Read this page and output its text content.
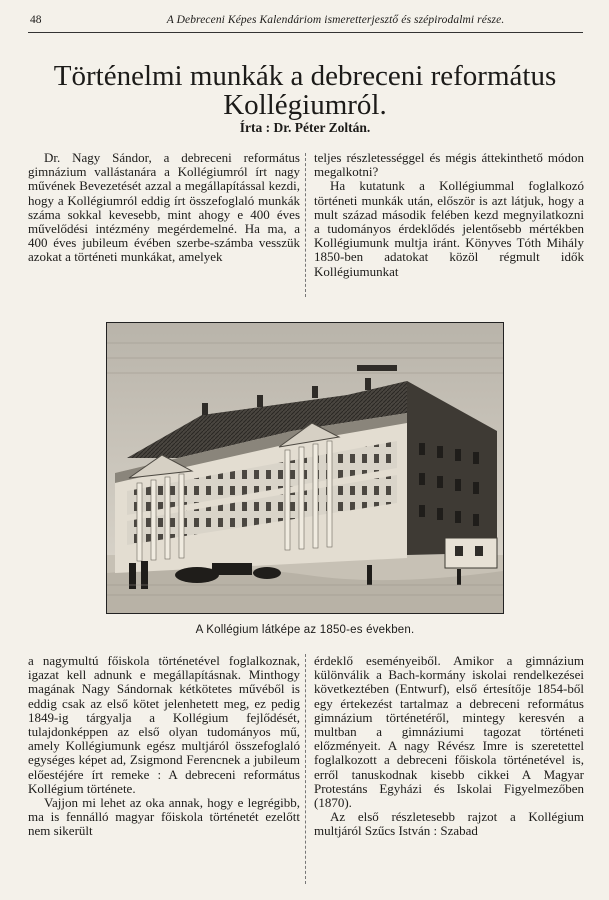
48	A Debreceni Képes Kalendáriom ismeretterjesztő és szépirodalmi része.
Történelmi munkák a debreceni református
Kollégiumról.
Írta : Dr. Péter Zoltán.

Dr. Nagy Sándor, a debreceni református gimnázium vallástanára a Kollégiumról írt nagy művének Bevezetését azzal a megállapítással kezdi, hogy a Kollégiumról eddig írt összefoglaló munkák száma sokkal kevesebb, mint ahogy e 400 éves művelődési intézmény megérdemelné. Ha ma, a 400 éves jubileum évében szerbe-számba vesszük azokat a történeti munkákat, amelyek

teljes részletességgel és mégis áttekinthető módon megalkotni?

Ha kutatunk a Kollégiummal foglalkozó történeti munkák után, először is azt látjuk, hogy a mult század második felében kezd megnyilatkozni a tudományos érdeklődés jelentősebb mértékben Kollégiumunk multja iránt. Könyves Tóth Mihály 1850-ben adatokat közöl régmult idők Kollégiumunkat

A Kollégium látképe az 1850-es években.

a nagymultú főiskola történetével foglalkoznak, igazat kell adnunk e megállapításnak. Minthogy magának Nagy Sándornak kétkötetes művéből is eddig csak az első kötet jelenhetett meg, ez pedig 1849-ig tárgyalja a Kollégium fejlődését, tulajdonképpen az első olyan tudományos mű, amely Kollégiumunk egész multjáról összefoglaló egységes képet ad, Zsigmond Ferencnek a jubileum előestéjére írt remeke : A debreceni református Kollégium története.

Vajjon mi lehet az oka annak, hogy e legrégibb, ma is fennálló magyar főiskola történetét ezelőtt nem sikerült

érdeklő eseményeiből. Amikor a gimnázium különválik a Bach-kormány iskolai rendelkezései következtében (Entwurf), első értesítője 1854-ből egy értekezést tartalmaz a debreceni református gimnázium történetéről, mintegy keresvén a multban a gimnáziumi tagozat történeti előzményeit. A nagy Révész Imre is szeretettel foglalkozott a debreceni főiskola történetével is, erről tanuskodnak kisebb cikkei A Magyar Protestáns Egyházi és Iskolai Figyelmezőben (1870).

Az első részletesebb rajzot a Kollégium multjáról Szűcs István : Szabad
